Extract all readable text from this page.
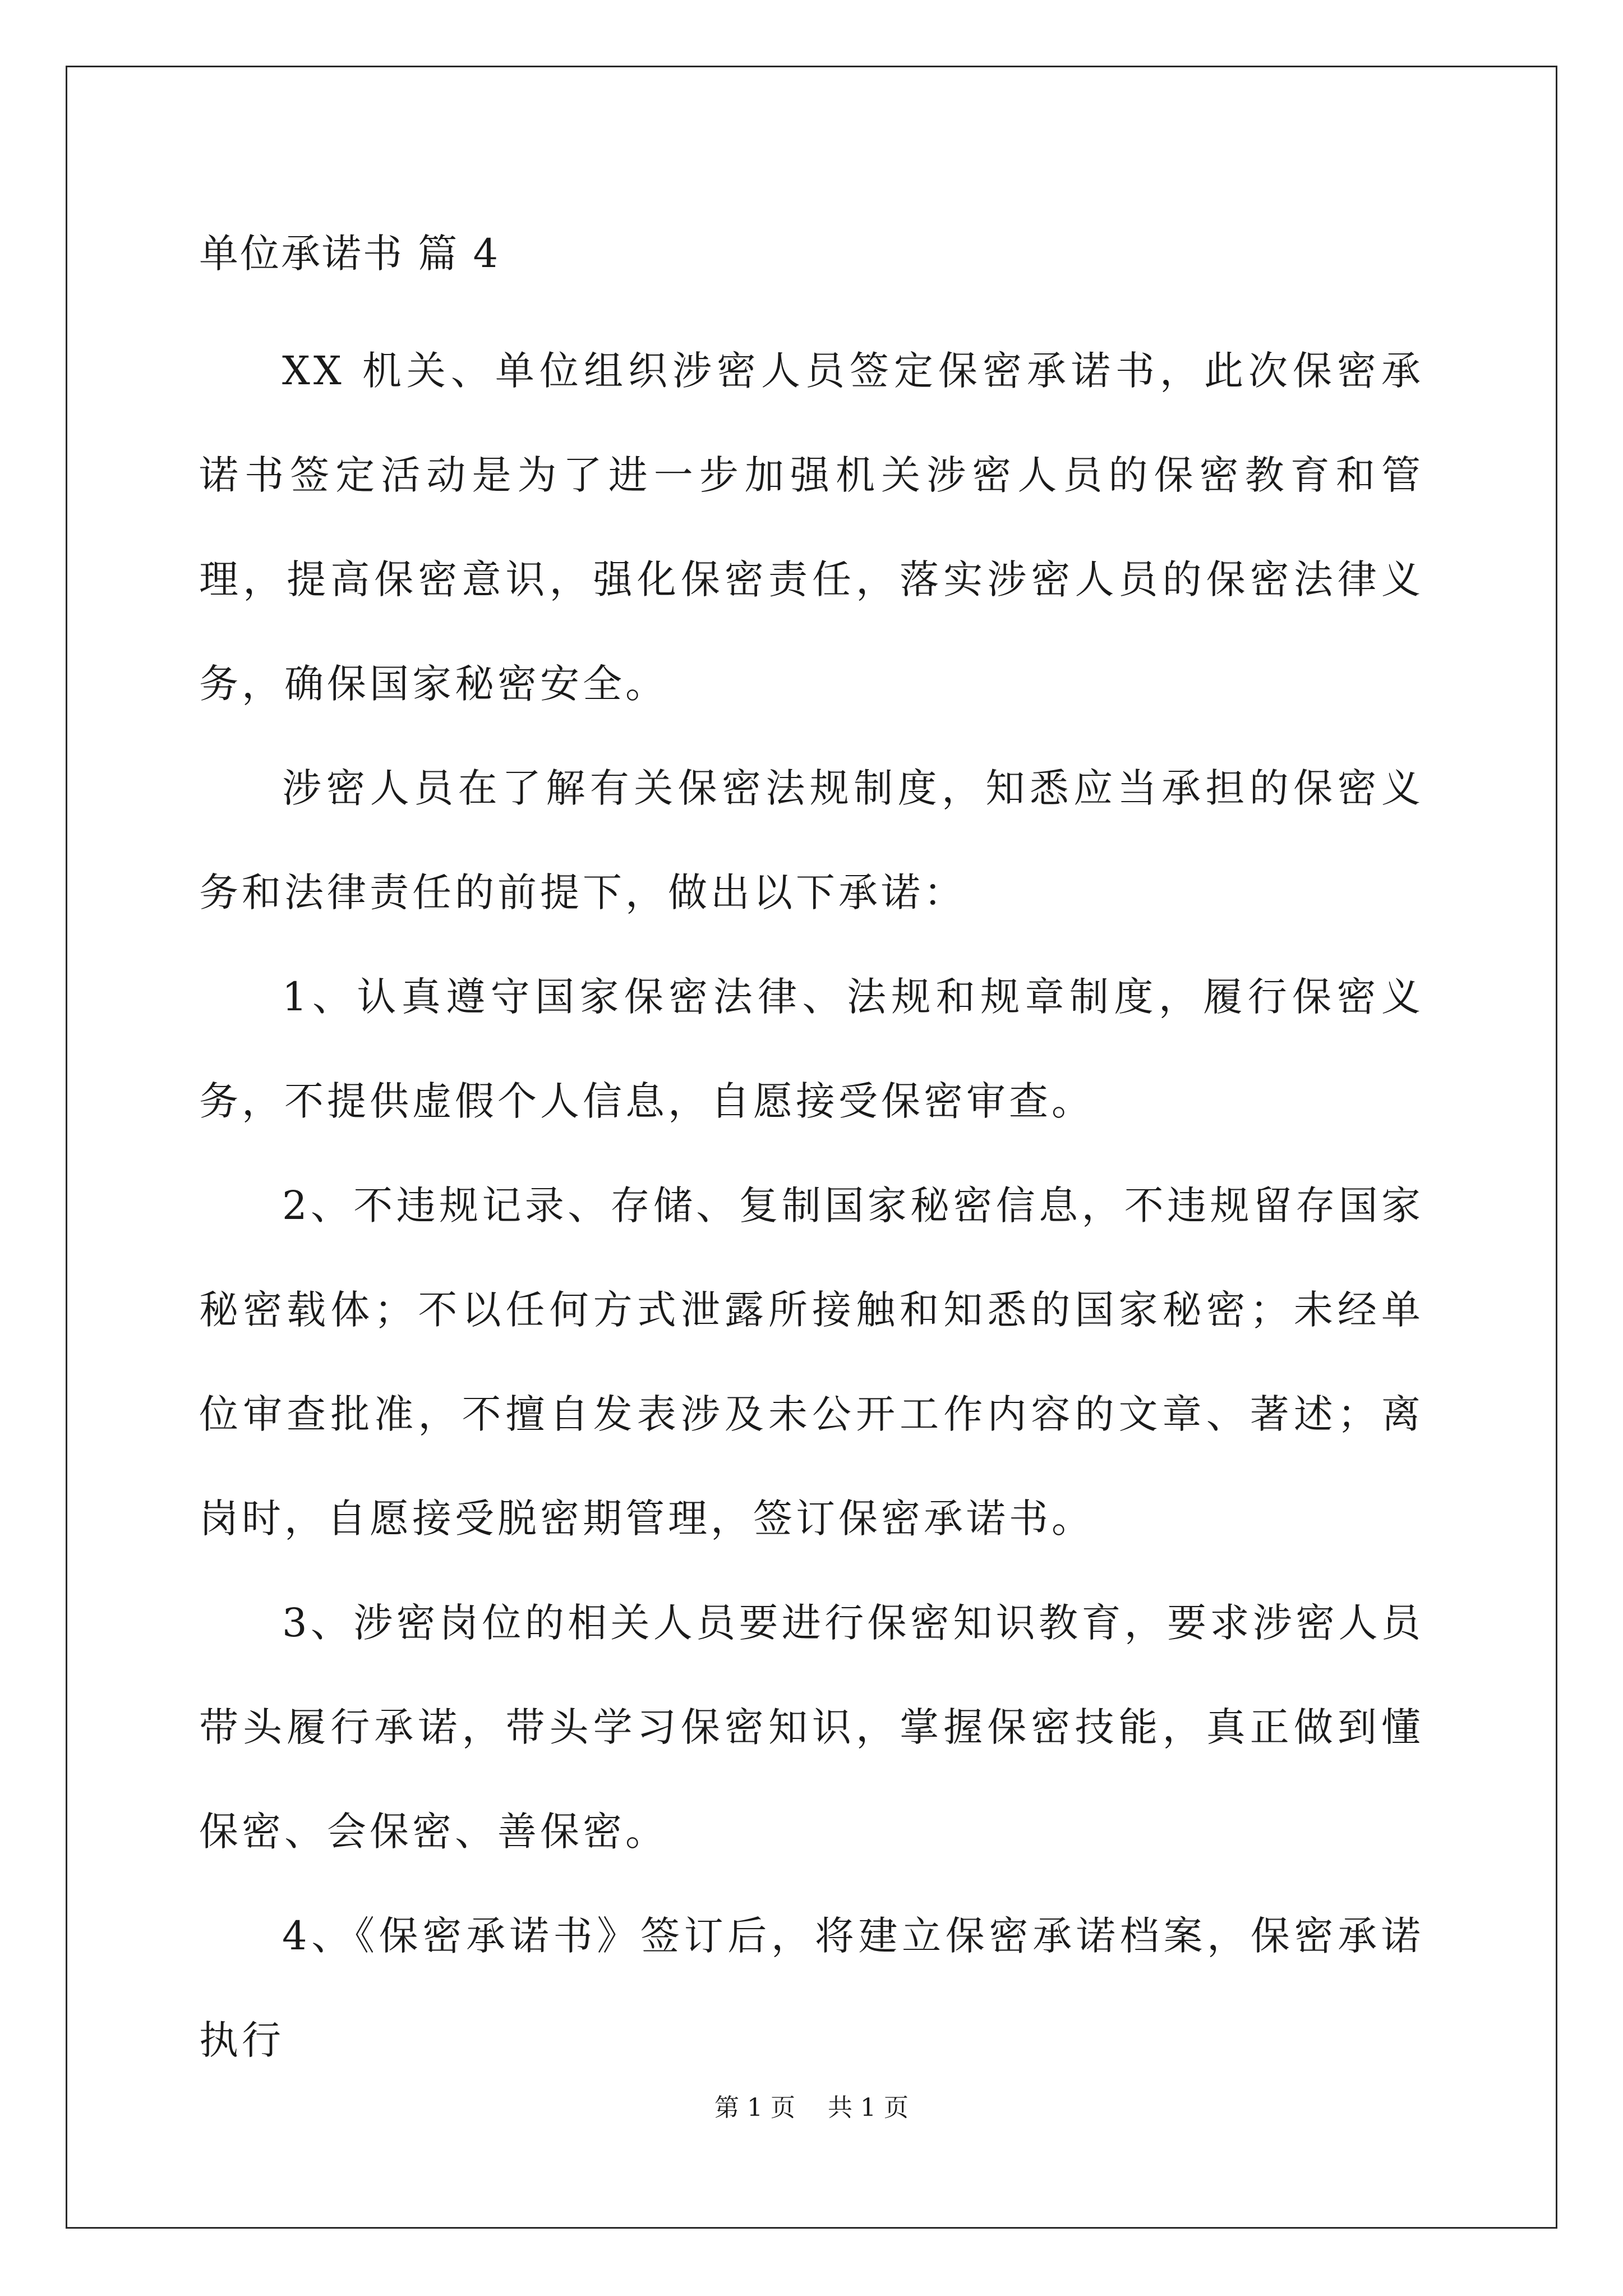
单位承诺书 篇 4

XX 机关、单位组织涉密人员签定保密承诺书，此次保密承诺书签定活动是为了进一步加强机关涉密人员的保密教育和管理，提高保密意识，强化保密责任，落实涉密人员的保密法律义务，确保国家秘密安全。

涉密人员在了解有关保密法规制度，知悉应当承担的保密义务和法律责任的前提下，做出以下承诺：

1、认真遵守国家保密法律、法规和规章制度，履行保密义务，不提供虚假个人信息，自愿接受保密审查。

2、不违规记录、存储、复制国家秘密信息，不违规留存国家秘密载体；不以任何方式泄露所接触和知悉的国家秘密；未经单位审查批准，不擅自发表涉及未公开工作内容的文章、著述；离岗时，自愿接受脱密期管理，签订保密承诺书。

3、涉密岗位的相关人员要进行保密知识教育，要求涉密人员带头履行承诺，带头学习保密知识，掌握保密技能，真正做到懂保密、会保密、善保密。

4、《保密承诺书》签订后，将建立保密承诺档案，保密承诺执行

第 1 页 共 1 页
